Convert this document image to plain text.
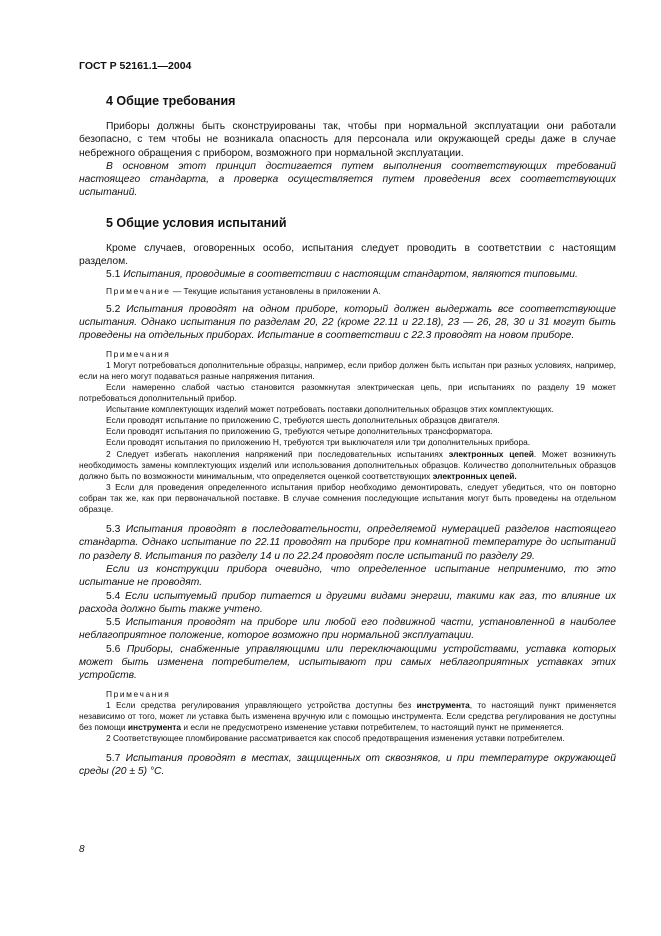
ГОСТ Р 52161.1—2004
4 Общие требования

Приборы должны быть сконструированы так, чтобы при нормальной эксплуатации они работали безопасно, с тем чтобы не возникала опасность для персонала или окружающей среды даже в случае небрежного обращения с прибором, возможного при нормальной эксплуатации.

В основном этот принцип достигается путем выполнения соответствующих требований настоящего стандарта, а проверка осуществляется путем проведения всех соответствующих испытаний.

5 Общие условия испытаний

Кроме случаев, оговоренных особо, испытания следует проводить в соответствии с настоящим разделом.

5.1 Испытания, проводимые в соответствии с настоящим стандартом, являются типовыми.

Примечание — Текущие испытания установлены в приложении А.

5.2 Испытания проводят на одном приборе, который должен выдержать все соответствующие испытания. Однако испытания по разделам 20, 22 (кроме 22.11 и 22.18), 23 — 26, 28, 30 и 31 могут быть проведены на отдельных приборах. Испытание в соответствии с 22.3 проводят на новом приборе.

Примечания

1 Могут потребоваться дополнительные образцы, например, если прибор должен быть испытан при разных условиях, например, если на него могут подаваться разные напряжения питания.

Если намеренно слабой частью становится разомкнутая электрическая цепь, при испытаниях по разделу 19 может потребоваться дополнительный прибор.

Испытание комплектующих изделий может потребовать поставки дополнительных образцов этих комплектующих.

Если проводят испытание по приложению С, требуются шесть дополнительных образцов двигателя.

Если проводят испытания по приложению G, требуются четыре дополнительных трансформатора.

Если проводят испытания по приложению Н, требуются три выключателя или три дополнительных прибора.

2 Следует избегать накопления напряжений при последовательных испытаниях электронных цепей. Может возникнуть необходимость замены комплектующих изделий или использования дополнительных образцов. Количество дополнительных образцов должно быть по возможности минимальным, что определяется оценкой соответствующих электронных цепей.

3 Если для проведения определенного испытания прибор необходимо демонтировать, следует убедиться, что он повторно собран так же, как при первоначальной поставке. В случае сомнения последующие испытания могут быть проведены на отдельном образце.

5.3 Испытания проводят в последовательности, определяемой нумерацией разделов настоящего стандарта. Однако испытание по 22.11 проводят на приборе при комнатной температуре до испытаний по разделу 8. Испытания по разделу 14 и по 22.24 проводят после испытаний по разделу 29.

Если из конструкции прибора очевидно, что определенное испытание неприменимо, то это испытание не проводят.

5.4 Если испытуемый прибор питается и другими видами энергии, такими как газ, то влияние их расхода должно быть также учтено.

5.5 Испытания проводят на приборе или любой его подвижной части, установленной в наиболее неблагоприятное положение, которое возможно при нормальной эксплуатации.

5.6 Приборы, снабженные управляющими или переключающими устройствами, уставка которых может быть изменена потребителем, испытывают при самых неблагоприятных уставках этих устройств.

Примечания

1 Если средства регулирования управляющего устройства доступны без инструмента, то настоящий пункт применяется независимо от того, может ли уставка быть изменена вручную или с помощью инструмента. Если средства регулирования не доступны без помощи инструмента и если не предусмотрено изменение уставки потребителем, то настоящий пункт не применяется.

2 Соответствующее пломбирование рассматривается как способ предотвращения изменения уставки потребителем.

5.7 Испытания проводят в местах, защищенных от сквозняков, и при температуре окружающей среды (20 ± 5) °С.

8
